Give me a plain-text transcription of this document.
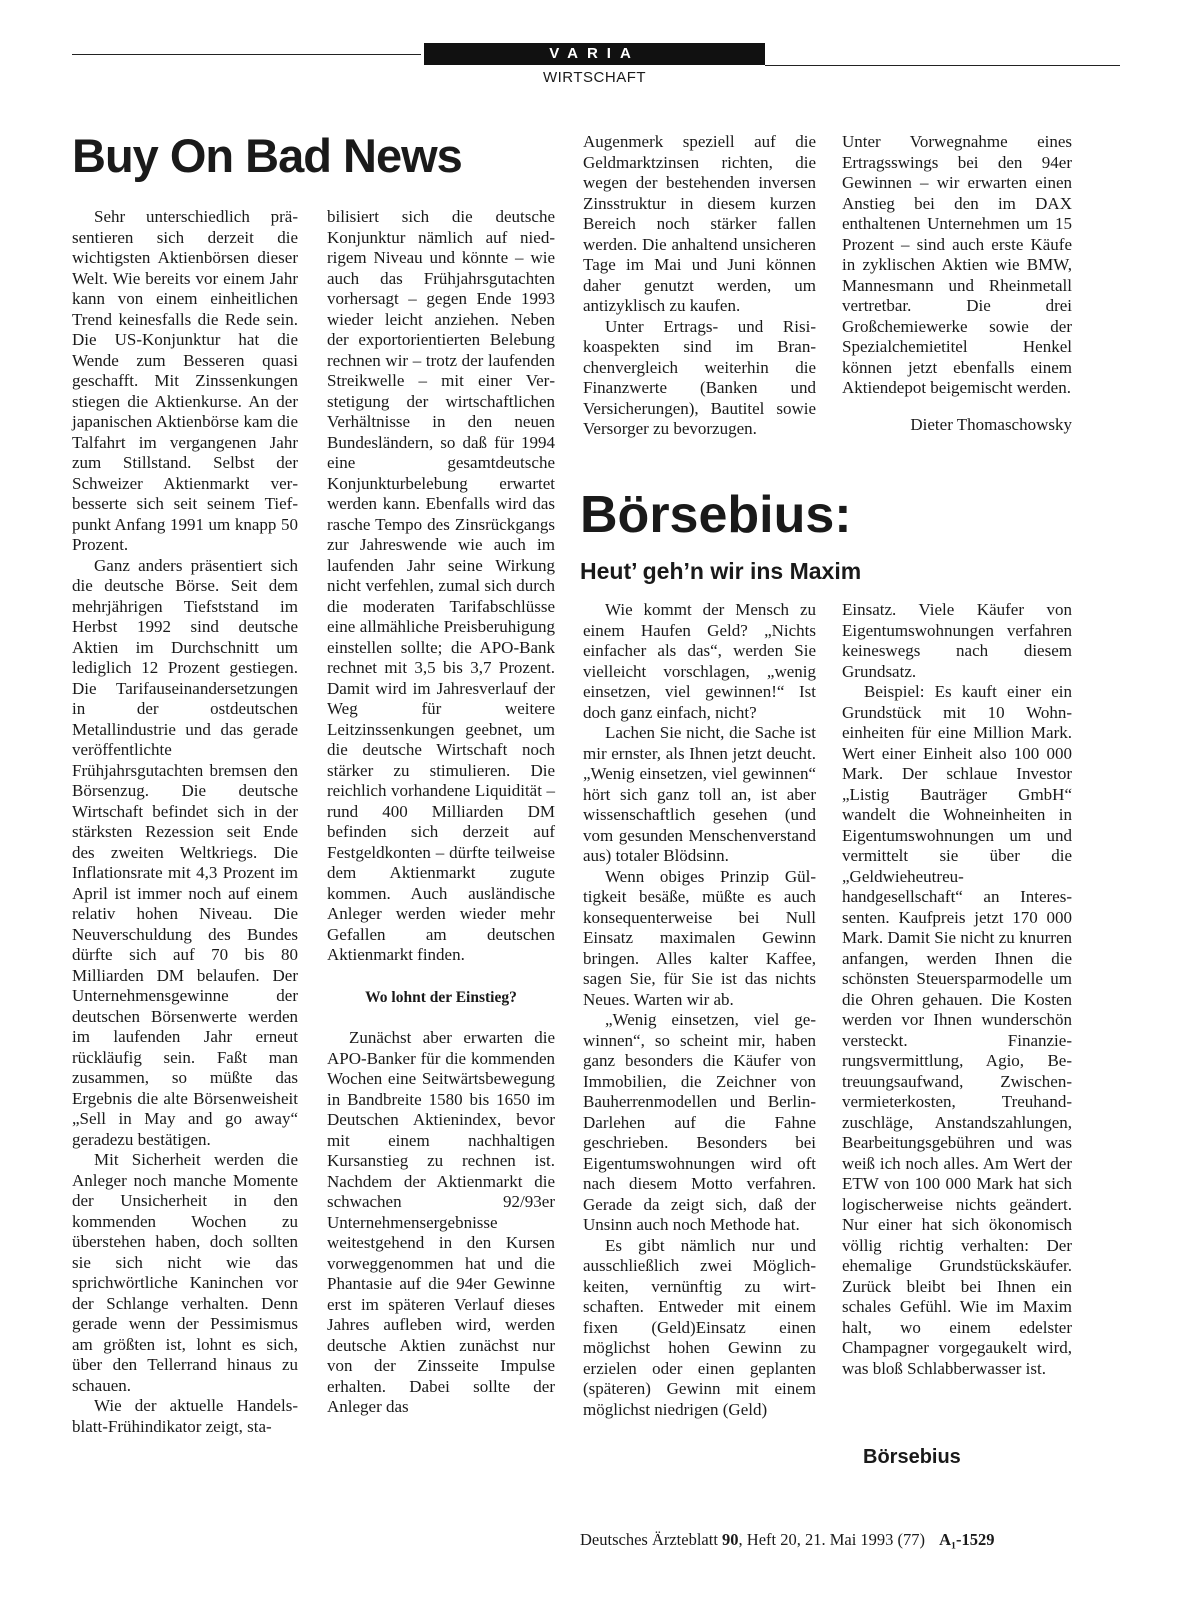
VARIA
WIRTSCHAFT
Buy On Bad News

Sehr unterschiedlich präsentieren sich derzeit die wichtigsten Aktienbörsen dieser Welt. Wie bereits vor einem Jahr kann von einem einheitlichen Trend keinesfalls die Rede sein. Die US-Konjunktur hat die Wende zum Besseren quasi geschafft. Mit Zinssenkungen stiegen die Aktienkurse. An der japanischen Aktienbörse kam die Talfahrt im vergangenen Jahr zum Stillstand. Selbst der Schweizer Aktienmarkt verbesserte sich seit seinem Tiefpunkt Anfang 1991 um knapp 50 Prozent.

Ganz anders präsentiert sich die deutsche Börse. Seit dem mehrjährigen Tiefststand im Herbst 1992 sind deutsche Aktien im Durchschnitt um lediglich 12 Prozent gestiegen. Die Tarifauseinandersetzungen in der ostdeutschen Metallindustrie und das gerade veröffentlichte Frühjahrsgutachten bremsen den Börsenzug. Die deutsche Wirtschaft befindet sich in der stärksten Rezession seit Ende des zweiten Weltkriegs. Die Inflationsrate mit 4,3 Prozent im April ist immer noch auf einem relativ hohen Niveau. Die Neuverschuldung des Bundes dürfte sich auf 70 bis 80 Milliarden DM belaufen. Der Unternehmensgewinne der deutschen Börsenwerte werden im laufenden Jahr erneut rückläufig sein. Faßt man zusammen, so müßte das Ergebnis die alte Börsenweisheit „Sell in May and go away“ geradezu bestätigen.

Mit Sicherheit werden die Anleger noch manche Momente der Unsicherheit in den kommenden Wochen zu überstehen haben, doch sollten sie sich nicht wie das sprichwörtliche Kaninchen vor der Schlange verhalten. Denn gerade wenn der Pessimismus am größten ist, lohnt es sich, über den Tellerrand hinaus zu schauen.

Wie der aktuelle Handelsblatt-Frühindikator zeigt, sta-

bilisiert sich die deutsche Konjunktur nämlich auf niedrigem Niveau und könnte – wie auch das Frühjahrsgutachten vorhersagt – gegen Ende 1993 wieder leicht anziehen. Neben der exportorientierten Belebung rechnen wir – trotz der laufenden Streikwelle – mit einer Verstetigung der wirtschaftlichen Verhältnisse in den neuen Bundesländern, so daß für 1994 eine gesamtdeutsche Konjunkturbelebung erwartet werden kann. Ebenfalls wird das rasche Tempo des Zinsrückgangs zur Jahreswende wie auch im laufenden Jahr seine Wirkung nicht verfehlen, zumal sich durch die moderaten Tarifabschlüsse eine allmähliche Preisberuhigung einstellen sollte; die APO-Bank rechnet mit 3,5 bis 3,7 Prozent. Damit wird im Jahresverlauf der Weg für weitere Leitzinssenkungen geebnet, um die deutsche Wirtschaft noch stärker zu stimulieren. Die reichlich vorhandene Liquidität – rund 400 Milliarden DM befinden sich derzeit auf Festgeldkonten – dürfte teilweise dem Aktienmarkt zugute kommen. Auch ausländische Anleger werden wieder mehr Gefallen am deutschen Aktienmarkt finden.

Wo lohnt der Einstieg?

Zunächst aber erwarten die APO-Banker für die kommenden Wochen eine Seitwärtsbewegung in Bandbreite 1580 bis 1650 im Deutschen Aktienindex, bevor mit einem nachhaltigen Kursanstieg zu rechnen ist. Nachdem der Aktienmarkt die schwachen 92/93er Unternehmensergebnisse weitestgehend in den Kursen vorweggenommen hat und die Phantasie auf die 94er Gewinne erst im späteren Verlauf dieses Jahres aufleben wird, werden deutsche Aktien zunächst nur von der Zinsseite Impulse erhalten. Dabei sollte der Anleger das

Augenmerk speziell auf die Geldmarktzinsen richten, die wegen der bestehenden inversen Zinsstruktur in diesem kurzen Bereich noch stärker fallen werden. Die anhaltend unsicheren Tage im Mai und Juni können daher genutzt werden, um antizyklisch zu kaufen.

Unter Ertrags- und Risikoaspekten sind im Branchenvergleich weiterhin die Finanzwerte (Banken und Versicherungen), Bautitel sowie Versorger zu bevorzugen.

Unter Vorwegnahme eines Ertragsswings bei den 94er Gewinnen – wir erwarten einen Anstieg bei den im DAX enthaltenen Unternehmen um 15 Prozent – sind auch erste Käufe in zyklischen Aktien wie BMW, Mannesmann und Rheinmetall vertretbar. Die drei Großchemiewerke sowie der Spezialchemietitel Henkel können jetzt ebenfalls einem Aktiendepot beigemischt werden.

Dieter Thomaschowsky

Börsebius:
Heut’ geh’n wir ins Maxim

Wie kommt der Mensch zu einem Haufen Geld? „Nichts einfacher als das“, werden Sie vielleicht vorschlagen, „wenig einsetzen, viel gewinnen!“ Ist doch ganz einfach, nicht?

Lachen Sie nicht, die Sache ist mir ernster, als Ihnen jetzt deucht. „Wenig einsetzen, viel gewinnen“ hört sich ganz toll an, ist aber wissenschaftlich gesehen (und vom gesunden Menschenverstand aus) totaler Blödsinn.

Wenn obiges Prinzip Gültigkeit besäße, müßte es auch konsequenterweise bei Null Einsatz maximalen Gewinn bringen. Alles kalter Kaffee, sagen Sie, für Sie ist das nichts Neues. Warten wir ab.

„Wenig einsetzen, viel gewinnen“, so scheint mir, haben ganz besonders die Käufer von Immobilien, die Zeichner von Bauherrenmodellen und Berlin-Darlehen auf die Fahne geschrieben. Besonders bei Eigentumswohnungen wird oft nach diesem Motto verfahren. Gerade da zeigt sich, daß der Unsinn auch noch Methode hat.

Es gibt nämlich nur und ausschließlich zwei Möglichkeiten, vernünftig zu wirtschaften. Entweder mit einem fixen (Geld)Einsatz einen möglichst hohen Gewinn zu erzielen oder einen geplanten (späteren) Gewinn mit einem möglichst niedrigen (Geld)

Einsatz. Viele Käufer von Eigentumswohnungen verfahren keineswegs nach diesem Grundsatz.

Beispiel: Es kauft einer ein Grundstück mit 10 Wohneinheiten für eine Million Mark. Wert einer Einheit also 100 000 Mark. Der schlaue Investor „Listig Bauträger GmbH“ wandelt die Wohneinheiten in Eigentumswohnungen um und vermittelt sie über die „Geldwieheutreuhandgesellschaft“ an Interessenten. Kaufpreis jetzt 170 000 Mark. Damit Sie nicht zu knurren anfangen, werden Ihnen die schönsten Steuersparmodelle um die Ohren gehauen. Die Kosten werden vor Ihnen wunderschön versteckt. Finanzierungsvermittlung, Agio, Betreuungsaufwand, Zwischenvermieterkosten, Treuhandzuschläge, Anstandszahlungen, Bearbeitungsgebühren und was weiß ich noch alles. Am Wert der ETW von 100 000 Mark hat sich logischerweise nichts geändert. Nur einer hat sich ökonomisch völlig richtig verhalten: Der ehemalige Grundstückskäufer. Zurück bleibt bei Ihnen ein schales Gefühl. Wie im Maxim halt, wo einem edelster Champagner vorgegaukelt wird, was bloß Schlabberwasser ist.

Börsebius
Deutsches Ärzteblatt 90, Heft 20, 21. Mai 1993 (77) A₁-1529
